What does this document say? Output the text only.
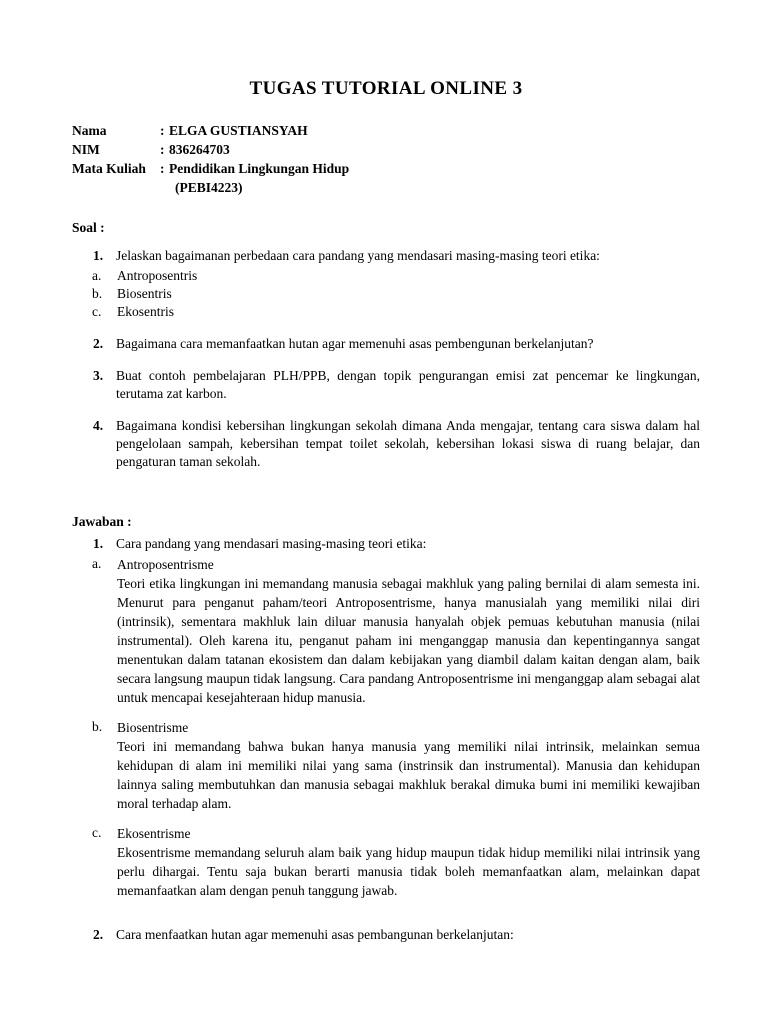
TUGAS TUTORIAL ONLINE 3
Nama	: ELGA GUSTIANSYAH
NIM	: 836264703
Mata Kuliah	: Pendidikan Lingkungan Hidup
(PEBI4223)
Soal :
1. Jelaskan bagaimanan perbedaan cara pandang yang mendasari masing-masing teori etika:
a.	Antroposentris
b.	Biosentris
c.	Ekosentris
2. Bagaimana cara memanfaatkan hutan agar memenuhi asas pembengunan berkelanjutan?
3. Buat contoh pembelajaran PLH/PPB, dengan topik pengurangan emisi zat pencemar ke lingkungan, terutama zat karbon.
4. Bagaimana kondisi kebersihan lingkungan sekolah dimana Anda mengajar, tentang cara siswa dalam hal pengelolaan sampah, kebersihan tempat toilet sekolah, kebersihan lokasi siswa di ruang belajar, dan pengaturan taman sekolah.
Jawaban :
1. Cara pandang yang mendasari masing-masing teori etika:
a.	Antroposentrisme

Teori etika lingkungan ini memandang manusia sebagai makhluk yang paling bernilai di alam semesta ini. Menurut para penganut paham/teori Antroposentrisme, hanya manusialah yang memiliki nilai diri (intrinsik), sementara makhluk lain diluar manusia hanyalah objek pemuas kebutuhan manusia (nilai instrumental). Oleh karena itu, penganut paham ini menganggap manusia dan kepentingannya sangat menentukan dalam tatanan ekosistem dan dalam kebijakan yang diambil dalam kaitan dengan alam, baik secara langsung maupun tidak langsung. Cara pandang Antroposentrisme ini menganggap alam sebagai alat untuk mencapai kesejahteraan hidup manusia.

b.	Biosentrisme

Teori ini memandang bahwa bukan hanya manusia yang memiliki nilai intrinsik, melainkan semua kehidupan di alam ini memiliki nilai yang sama (instrinsik dan instrumental). Manusia dan kehidupan lainnya saling membutuhkan dan manusia sebagai makhluk berakal dimuka bumi ini memiliki kewajiban moral terhadap alam.

c.	Ekosentrisme

Ekosentrisme memandang seluruh alam baik yang hidup maupun tidak hidup memiliki nilai intrinsik yang perlu dihargai. Tentu saja bukan berarti manusia tidak boleh memanfaatkan alam, melainkan dapat memanfaatkan alam dengan penuh tanggung jawab.

2. Cara menfaatkan hutan agar memenuhi asas pembangunan berkelanjutan:
